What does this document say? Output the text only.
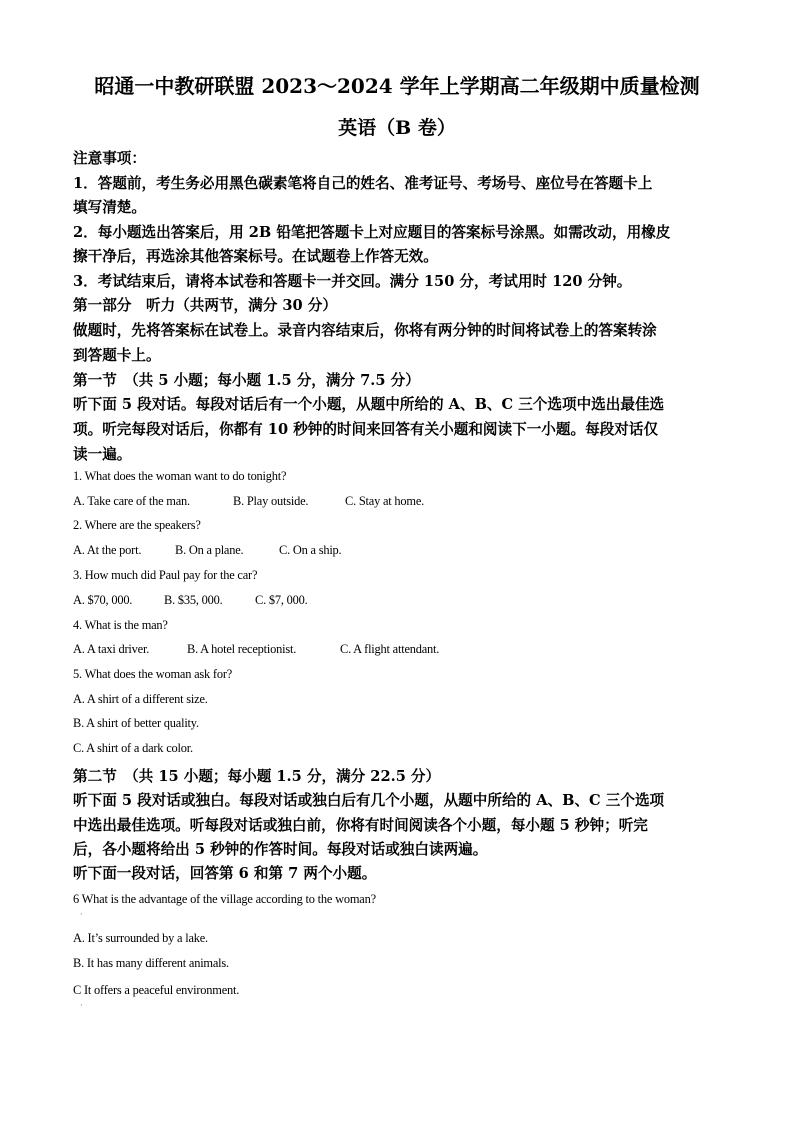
昭通一中教研联盟 2023～2024 学年上学期高二年级期中质量检测
英语（B 卷）
注意事项：
1．答题前，考生务必用黑色碳素笔将自己的姓名、准考证号、考场号、座位号在答题卡上
填写清楚。
2．每小题选出答案后，用 2B 铅笔把答题卡上对应题目的答案标号涂黑。如需改动，用橡皮
擦干净后，再选涂其他答案标号。在试题卷上作答无效。
3．考试结束后，请将本试卷和答题卡一并交回。满分 150 分，考试用时 120 分钟。
第一部分　听力（共两节，满分 30 分）
做题时，先将答案标在试卷上。录音内容结束后，你将有两分钟的时间将试卷上的答案转涂
到答题卡上。
第一节　（共 5 小题；每小题 1.5 分，满分 7.5 分）
听下面 5 段对话。每段对话后有一个小题，从题中所给的 A、B、C 三个选项中选出最佳选
项。听完每段对话后，你都有 10 秒钟的时间来回答有关小题和阅读下一小题。每段对话仅
读一遍。
1. What does the woman want to do tonight?
A. Take care of the man.	B. Play outside.	C. Stay at home.
2. Where are the speakers?
A. At the port.	B. On a plane.	C. On a ship.
3. How much did Paul pay for the car?
A. $70, 000.	B. $35, 000.	C. $7, 000.
4. What is the man?
A. A taxi driver.	B. A hotel receptionist.	C. A flight attendant.
5. What does the woman ask for?
A. A shirt of a different size.
B. A shirt of better quality.
C. A shirt of a dark color.
第二节　（共 15 小题；每小题 1.5 分，满分 22.5 分）
听下面 5 段对话或独白。每段对话或独白后有几个小题，从题中所给的 A、B、C 三个选项
中选出最佳选项。听每段对话或独白前，你将有时间阅读各个小题，每小题 5 秒钟；听完
后，各小题将给出 5 秒钟的作答时间。每段对话或独白读两遍。
听下面一段对话，回答第 6 和第 7 两个小题。
6 What is the advantage of the village according to the woman?
·
A. It’s surrounded by a lake.
B. It has many different animals.
C It offers a peaceful environment.
·
